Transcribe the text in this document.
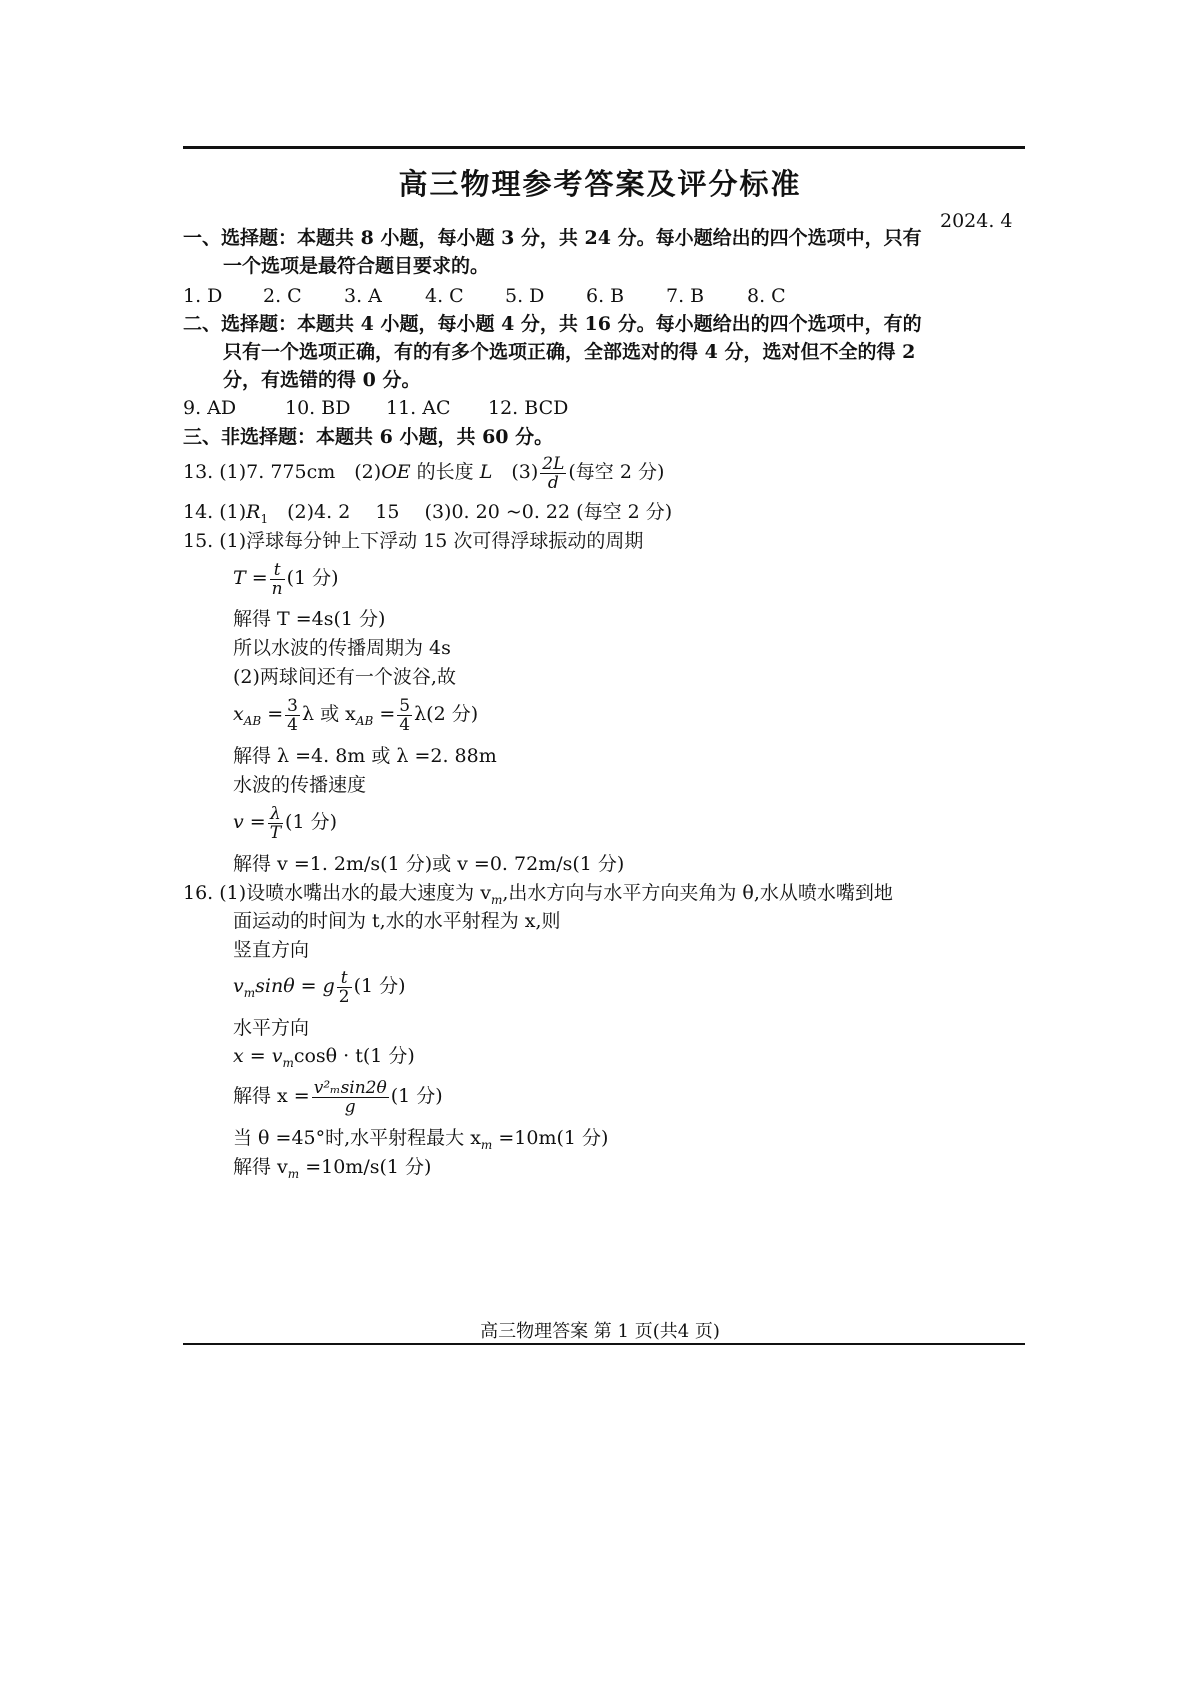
高三物理参考答案及评分标准
2024. 4
一、选择题：本题共 8 小题，每小题 3 分，共 24 分。每小题给出的四个选项中，只有
一个选项是最符合题目要求的。
1. D 2. C 3. A 4. C 5. D 6. B 7. B 8. C
二、选择题：本题共 4 小题，每小题 4 分，共 16 分。每小题给出的四个选项中，有的
只有一个选项正确，有的有多个选项正确，全部选对的得 4 分，选对但不全的得 2
分，有选错的得 0 分。
9. AD	10. BD 11. AC 12. BCD
三、非选择题：本题共 6 小题，共 60 分。
13. (1)7. 775cm　(2)OE 的长度 L　$(3) \frac{2L}{d}$ (每空 2 分)
14. $(1)R_1$　(2)4. 2　 15　 (3)0. 20 ~0. 22 (每空 2 分)
15. (1)浮球每分钟上下浮动 15 次可得浮球振动的周期
$T = \frac{t}{n} (1$ 分)
解得 T =4s(1 分)
所以水波的传播周期为 4s
(2)两球间还有一个波谷,故
$x_{AB} = \frac{3}{4}$ λ 或 $x_{AB} = \frac{5}{4} \lambda(2$ 分)
解得 λ =4. 8m 或 λ =2. 88m
水波的传播速度
$v = \frac{\lambda}{T} (1$ 分)
解得 v =1. 2m/s(1 分)或 v =0. 72m/s(1 分)
16. (1)设喷水嘴出水的最大速度为 $v_m$,出水方向与水平方向夹角为 θ,水从喷水嘴到地
面运动的时间为 t,水的水平射程为 x,则
竖直方向
$v_m\sin\theta = g \frac{t}{2} (1$ 分)
水平方向
$x = v_m\cos\theta \cdot t(1$ 分)
解得 $x = \frac{\text{v²ₘsin2θ}}{g} (1$ 分)
当 θ =45°时,水平射程最大 $x_m =10m(1$ 分)
解得 $v_m =10m/s(1$ 分)
高三物理答案 第 1 页(共4 页)
